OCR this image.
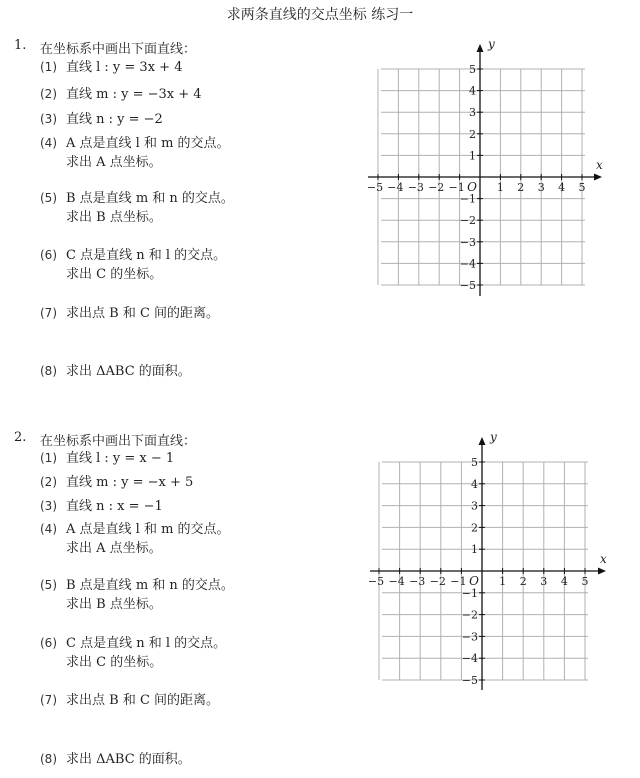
求两条直线的交点坐标 练习一
1. 在坐标系中画出下面直线：
(1) 直线 l : y = 3x + 4
(2) 直线 m : y = −3x + 4
(3) 直线 n : y = −2
(4) A 点是直线 l 和 m 的交点。
求出 A 点坐标。
(5) B 点是直线 m 和 n 的交点。
求出 B 点坐标。
(6) C 点是直线 n 和 l 的交点。
求出 C 的坐标。
(7) 求出点 B 和 C 间的距离。
(8) 求出 ΔABC 的面积。
2. 在坐标系中画出下面直线：
(1) 直线 l : y = x − 1
(2) 直线 m : y = −x + 5
(3) 直线 n : x = −1
(4) A 点是直线 l 和 m 的交点。
求出 A 点坐标。
(5) B 点是直线 m 和 n 的交点。
求出 B 点坐标。
(6) C 点是直线 n 和 l 的交点。
求出 C 的坐标。
(7) 求出点 B 和 C 间的距离。
(8) 求出 ΔABC 的面积。
−5 −4 −3 −2 −1	1 2 3 4 5
5
4
3
2
1
−1
−2
−3
−4
−5
O
x
y
−5 −4 −3 −2 −1	1 2 3 4 5
5
4
3
2
1
−1
−2
−3
−4
−5
O
x
y
